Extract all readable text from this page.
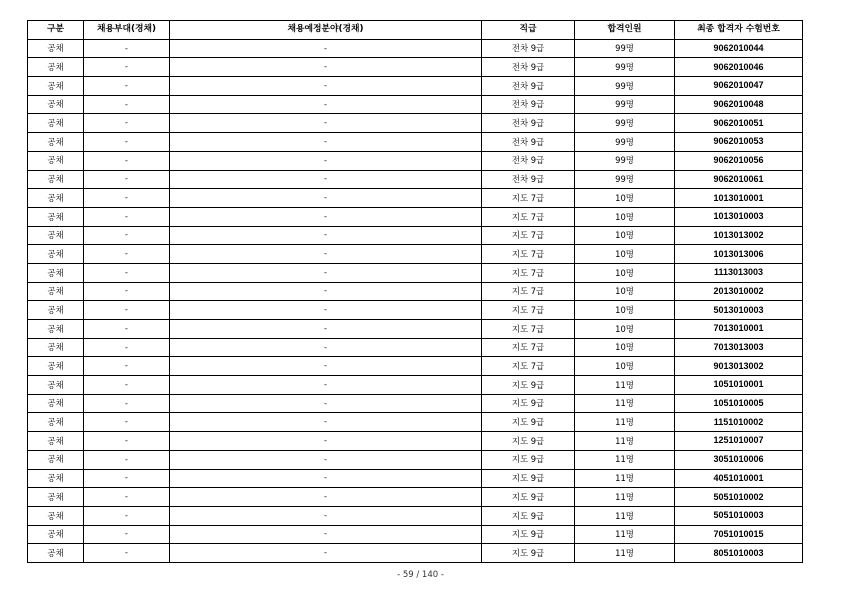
구분	채용부대(경채)	채용예정분야(경채)	직급	합격인원	최종 합격자 수험번호
공채	-	-	전차 9급	99명	9062010044
공채	-	-	전차 9급	99명	9062010046
공채	-	-	전차 9급	99명	9062010047
공채	-	-	전차 9급	99명	9062010048
공채	-	-	전차 9급	99명	9062010051
공채	-	-	전차 9급	99명	9062010053
공채	-	-	전차 9급	99명	9062010056
공채	-	-	전차 9급	99명	9062010061
공채	-	-	지도 7급	10명	1013010001
공채	-	-	지도 7급	10명	1013010003
공채	-	-	지도 7급	10명	1013013002
공채	-	-	지도 7급	10명	1013013006
공채	-	-	지도 7급	10명	1113013003
공채	-	-	지도 7급	10명	2013010002
공채	-	-	지도 7급	10명	5013010003
공채	-	-	지도 7급	10명	7013010001
공채	-	-	지도 7급	10명	7013013003
공채	-	-	지도 7급	10명	9013013002
공채	-	-	지도 9급	11명	1051010001
공채	-	-	지도 9급	11명	1051010005
공채	-	-	지도 9급	11명	1151010002
공채	-	-	지도 9급	11명	1251010007
공채	-	-	지도 9급	11명	3051010006
공채	-	-	지도 9급	11명	4051010001
공채	-	-	지도 9급	11명	5051010002
공채	-	-	지도 9급	11명	5051010003
공채	-	-	지도 9급	11명	7051010015
공채	-	-	지도 9급	11명	8051010003
- 59 / 140 -
